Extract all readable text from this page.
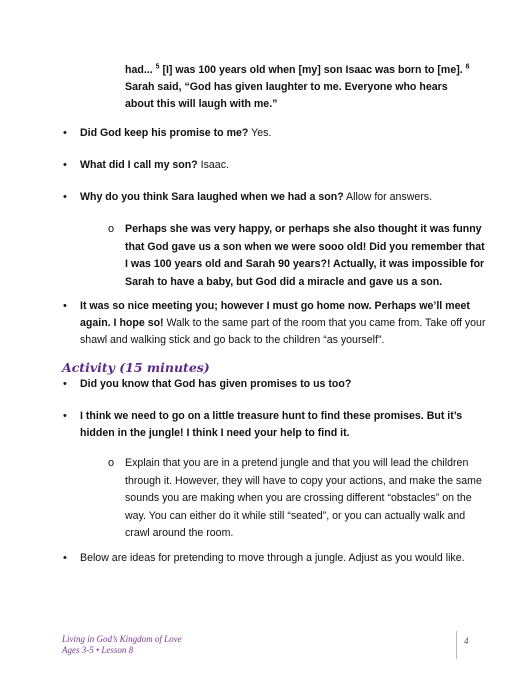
had... $^5$ [I] was 100 years old when [my] son Isaac was born to [me]. $^6$ Sarah said, “God has given laughter to me. Everyone who hears about this will laugh with me.”
• Did God keep his promise to me? Yes.
• What did I call my son? Isaac.
• Why do you think Sara laughed when we had a son? Allow for answers.
o Perhaps she was very happy, or perhaps she also thought it was funny that God gave us a son when we were sooo old! Did you remember that I was 100 years old and Sarah 90 years?! Actually, it was impossible for Sarah to have a baby, but God did a miracle and gave us a son.
• It was so nice meeting you; however I must go home now. Perhaps we’ll meet again. I hope so! Walk to the same part of the room that you came from. Take off your shawl and walking stick and go back to the children “as yourself”.
Activity (15 minutes)
• Did you know that God has given promises to us too?
• I think we need to go on a little treasure hunt to find these promises. But it’s hidden in the jungle! I think I need your help to find it.
o Explain that you are in a pretend jungle and that you will lead the children through it. However, they will have to copy your actions, and make the same sounds you are making when you are crossing different “obstacles” on the way. You can either do it while still “seated”, or you can actually walk and crawl around the room.
• Below are ideas for pretending to move through a jungle. Adjust as you would like.
Living in God’s Kingdom of Love
Ages 3-5 • Lesson 8
4
